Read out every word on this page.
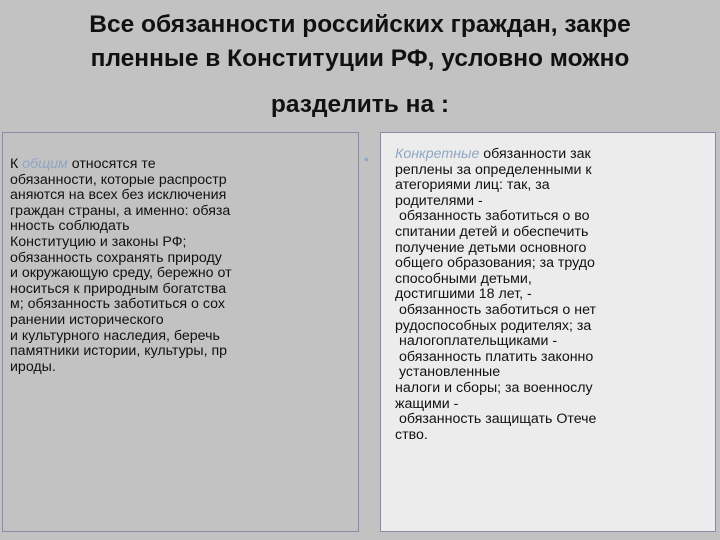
Все обязанности российских граждан, закре
пленные в Конституции РФ, условно можно
разделить на :
К общим относятся те
обязанности, которые распростр
аняются на всех без исключения
граждан страны, а именно: обяза
нность соблюдать
Конституцию и законы РФ;
обязанность сохранять природу
и окружающую среду, бережно от
носиться к природным богатства
м; обязанность заботиться о сох
ранении исторического
и культурного наследия, беречь
памятники истории, культуры, пр
ироды.
• Конкретные обязанности зак
реплены за определенными к
атегориями лиц: так, за
родителями -
обязанность заботиться о во
спитании детей и обеспечить
получение детьми основного
общего образования; за трудо
способными детьми,
достигшими 18 лет, -
обязанность заботиться о нет
рудоспособных родителях; за
налогоплательщиками -
обязанность платить законно
установленные
налоги и сборы; за военнослу
жащими -
обязанность защищать Отече
ство.
